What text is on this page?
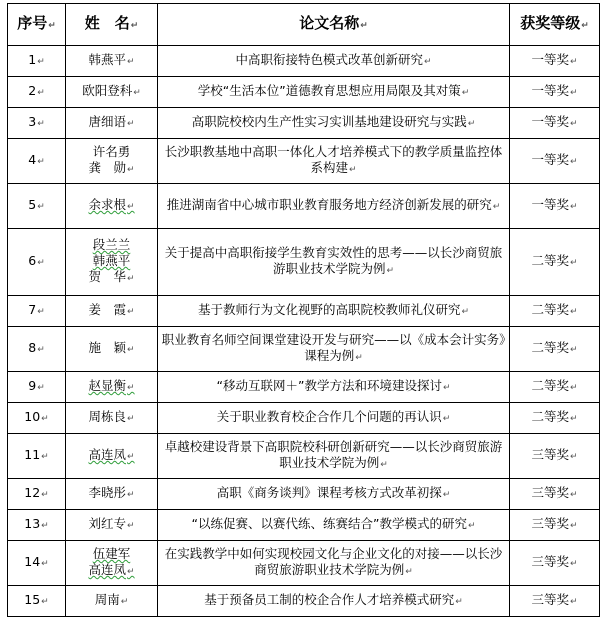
序号↵	姓　名↵	论文名称↵	获奖等级↵
1↵	韩燕平↵	中高职衔接特色模式改革创新研究↵	一等奖↵
2↵	欧阳登科↵	学校“生活本位”道德教育思想应用局限及其对策↵	一等奖↵
3↵	唐细语↵	高职院校校内生产性实习实训基地建设研究与实践↵	一等奖↵
4↵	许名勇
龚　勋↵	长沙职教基地中高职一体化人才培养模式下的教学质量监控体系构建↵	一等奖↵
5↵	余求根↵	推进湖南省中心城市职业教育服务地方经济创新发展的研究↵	一等奖↵
6↵	段兰兰
韩燕平
贺　华↵	关于提高中高职衔接学生教育实效性的思考——以长沙商贸旅游职业技术学院为例↵	二等奖↵
7↵	姜　霞↵	基于教师行为文化视野的高职院校教师礼仪研究↵	二等奖↵
8↵	施　颖↵	职业教育名师空间课堂建设开发与研究——以《成本会计实务》课程为例↵	二等奖↵
9↵	赵显衡↵	“移动互联网＋”教学方法和环境建设探讨↵	二等奖↵
10↵	周栋良↵	关于职业教育校企合作几个问题的再认识↵	二等奖↵
11↵	高连凤↵	卓越校建设背景下高职院校科研创新研究——以长沙商贸旅游职业技术学院为例↵	三等奖↵
12↵	李晓彤↵	高职《商务谈判》课程考核方式改革初探↵	三等奖↵
13↵	刘红专↵	“以练促赛、以赛代练、练赛结合”教学模式的研究↵	三等奖↵
14↵	伍建军
高连凤↵	在实践教学中如何实现校园文化与企业文化的对接——以长沙商贸旅游职业技术学院为例↵	三等奖↵
15↵	周南↵	基于预备员工制的校企合作人才培养模式研究↵	三等奖↵
